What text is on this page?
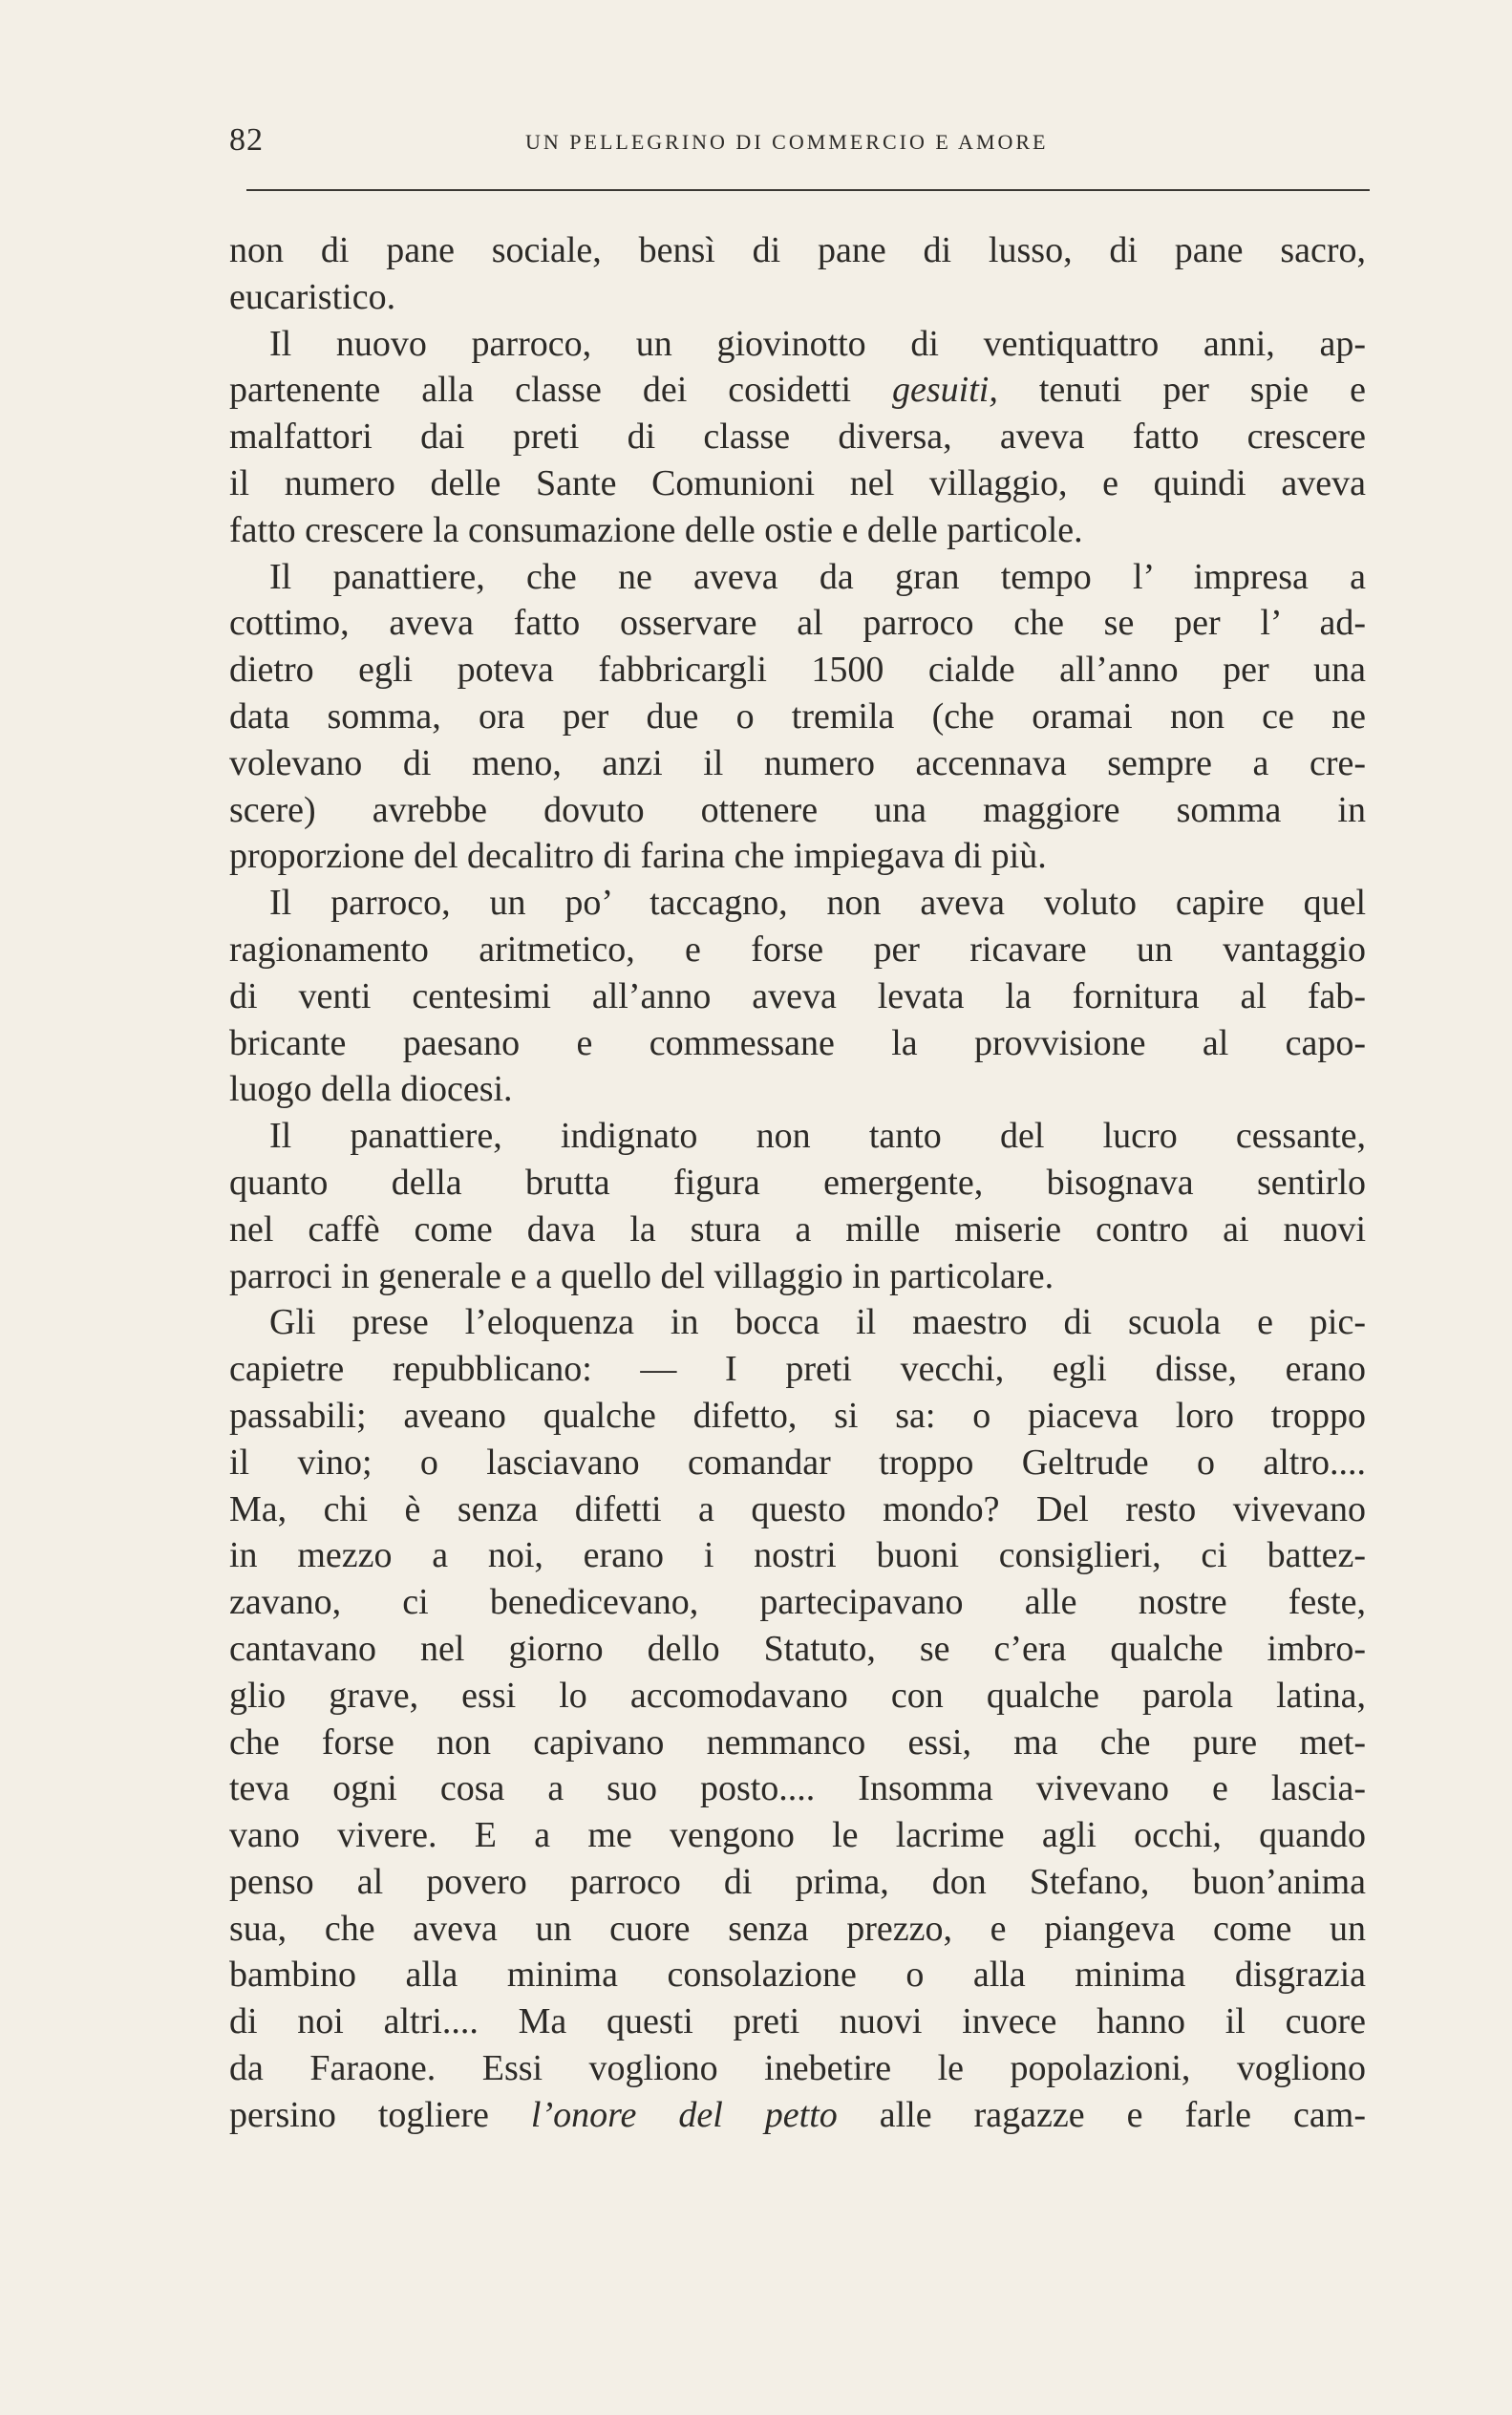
82	UN PELLEGRINO DI COMMERCIO E AMORE
non di pane sociale, bensì di pane di lusso, di pane sacro,
eucaristico.
Il nuovo parroco, un giovinotto di ventiquattro anni, ap-
partenente alla classe dei cosidetti gesuiti, tenuti per spie e
malfattori dai preti di classe diversa, aveva fatto crescere
il numero delle Sante Comunioni nel villaggio, e quindi aveva
fatto crescere la consumazione delle ostie e delle particole.
Il panattiere, che ne aveva da gran tempo l’ impresa a
cottimo, aveva fatto osservare al parroco che se per l’ ad-
dietro egli poteva fabbricargli 1500 cialde all’anno per una
data somma, ora per due o tremila (che oramai non ce ne
volevano di meno, anzi il numero accennava sempre a cre-
scere) avrebbe dovuto ottenere una maggiore somma in
proporzione del decalitro di farina che impiegava di più.
Il parroco, un po’ taccagno, non aveva voluto capire quel
ragionamento aritmetico, e forse per ricavare un vantaggio
di venti centesimi all’anno aveva levata la fornitura al fab-
bricante paesano e commessane la provvisione al capo-
luogo della diocesi.
Il panattiere, indignato non tanto del lucro cessante,
quanto della brutta figura emergente, bisognava sentirlo
nel caffè come dava la stura a mille miserie contro ai nuovi
parroci in generale e a quello del villaggio in particolare.
Gli prese l’eloquenza in bocca il maestro di scuola e pic-
capietre repubblicano: — I preti vecchi, egli disse, erano
passabili; aveano qualche difetto, si sa: o piaceva loro troppo
il vino; o lasciavano comandar troppo Geltrude o altro....
Ma, chi è senza difetti a questo mondo? Del resto vivevano
in mezzo a noi, erano i nostri buoni consiglieri, ci battez-
zavano, ci benedicevano, partecipavano alle nostre feste,
cantavano nel giorno dello Statuto, se c’era qualche imbro-
glio grave, essi lo accomodavano con qualche parola latina,
che forse non capivano nemmanco essi, ma che pure met-
teva ogni cosa a suo posto.... Insomma vivevano e lascia-
vano vivere. E a me vengono le lacrime agli occhi, quando
penso al povero parroco di prima, don Stefano, buon’anima
sua, che aveva un cuore senza prezzo, e piangeva come un
bambino alla minima consolazione o alla minima disgrazia
di noi altri.... Ma questi preti nuovi invece hanno il cuore
da Faraone. Essi vogliono inebetire le popolazioni, vogliono
persino togliere l’onore del petto alle ragazze e farle cam-
